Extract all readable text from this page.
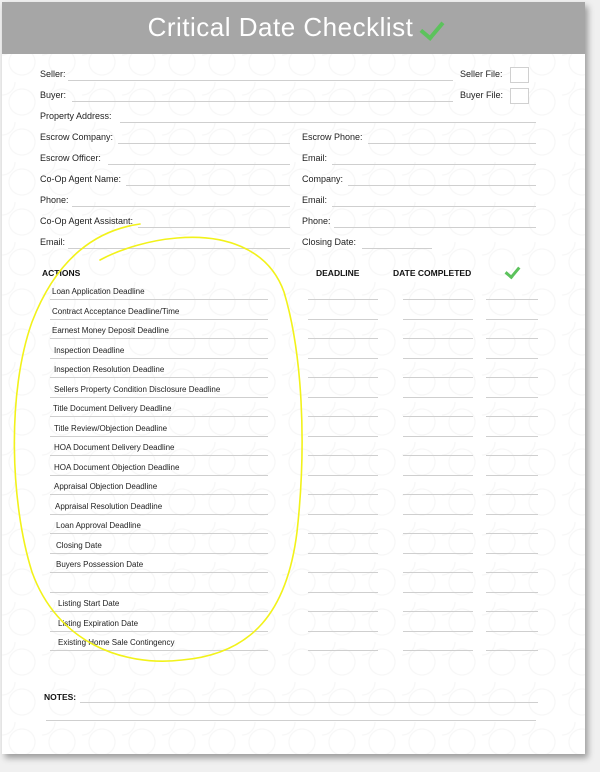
Critical Date Checklist
Seller:	Seller File:
Buyer:	Buyer File:
Property Address:
Escrow Company:	Escrow Phone:
Escrow Officer:	Email:
Co-Op Agent Name:	Company:
Phone:	Email:
Co-Op Agent Assistant:	Phone:
Email:	Closing Date:
ACTIONS	DEADLINE	DATE COMPLETED
Loan Application Deadline
Contract Acceptance Deadline/Time
Earnest Money Deposit Deadline
Inspection Deadline
Inspection Resolution Deadline
Sellers Property Condition Disclosure Deadline
Title Document Delivery Deadline
Title Review/Objection Deadline
HOA Document Delivery Deadline
HOA Document Objection Deadline
Appraisal Objection Deadline
Appraisal Resolution Deadline
Loan Approval Deadline
Closing Date
Buyers Possession Date
Listing Start Date
Listing Expiration Date
Existing Home Sale Contingency
NOTES:
